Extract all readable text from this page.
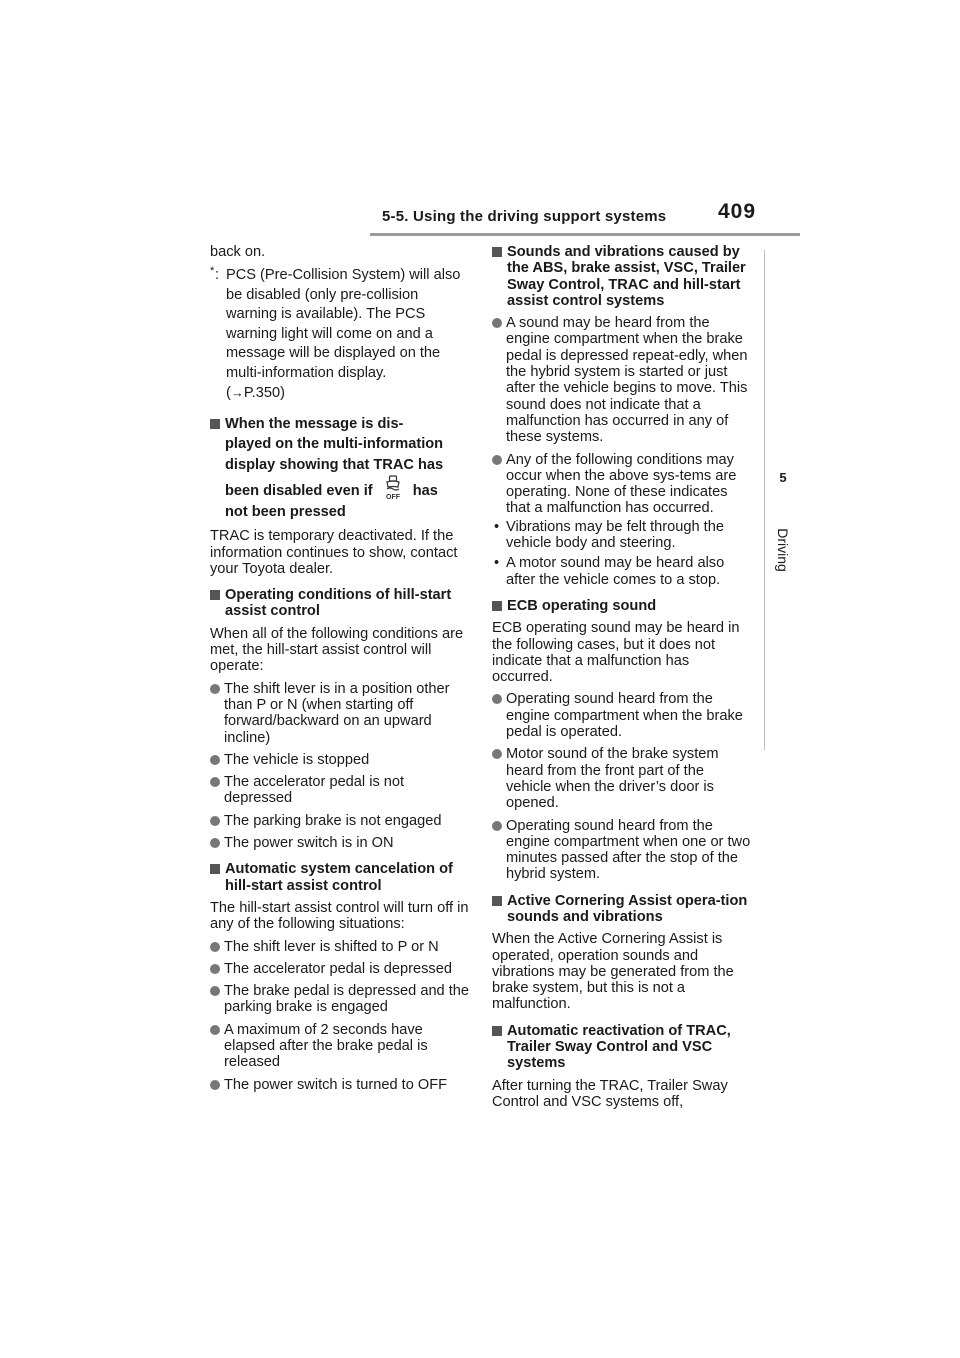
5-5. Using the driving support systems 409
5
Driving

back on.

* : PCS (Pre-Collision System) will also be disabled (only pre-collision warning is available). The PCS warning light will come on and a message will be displayed on the multi-information display.
(→P.350)
When the message is dis-
played on the multi-information
display showing that TRAC has
been disabled even if OFF has
not been pressed

TRAC is temporary deactivated. If the information continues to show, contact your Toyota dealer.

Operating conditions of hill-start assist control

When all of the following conditions are met, the hill-start assist control will operate:

The shift lever is in a position other than P or N (when starting off forward/backward on an upward incline)
The vehicle is stopped
The accelerator pedal is not depressed
The parking brake is not engaged
The power switch is in ON
Automatic system cancelation of hill-start assist control

The hill-start assist control will turn off in any of the following situations:

The shift lever is shifted to P or N
The accelerator pedal is depressed
The brake pedal is depressed and the parking brake is engaged
A maximum of 2 seconds have elapsed after the brake pedal is released
The power switch is turned to OFF
Sounds and vibrations caused by the ABS, brake assist, VSC, Trailer Sway Control, TRAC and hill-start assist control systems
A sound may be heard from the engine compartment when the brake pedal is depressed repeat-edly, when the hybrid system is started or just after the vehicle begins to move. This sound does not indicate that a malfunction has occurred in any of these systems.
Any of the following conditions may occur when the above sys-tems are operating. None of these indicates that a malfunction has occurred.
• Vibrations may be felt through the vehicle body and steering.
• A motor sound may be heard also after the vehicle comes to a stop.
ECB operating sound

ECB operating sound may be heard in the following cases, but it does not indicate that a malfunction has occurred.

Operating sound heard from the engine compartment when the brake pedal is operated.
Motor sound of the brake system heard from the front part of the vehicle when the driver’s door is opened.
Operating sound heard from the engine compartment when one or two minutes passed after the stop of the hybrid system.
Active Cornering Assist opera-tion sounds and vibrations

When the Active Cornering Assist is operated, operation sounds and vibrations may be generated from the brake system, but this is not a malfunction.

Automatic reactivation of TRAC, Trailer Sway Control and VSC systems

After turning the TRAC, Trailer Sway Control and VSC systems off,
